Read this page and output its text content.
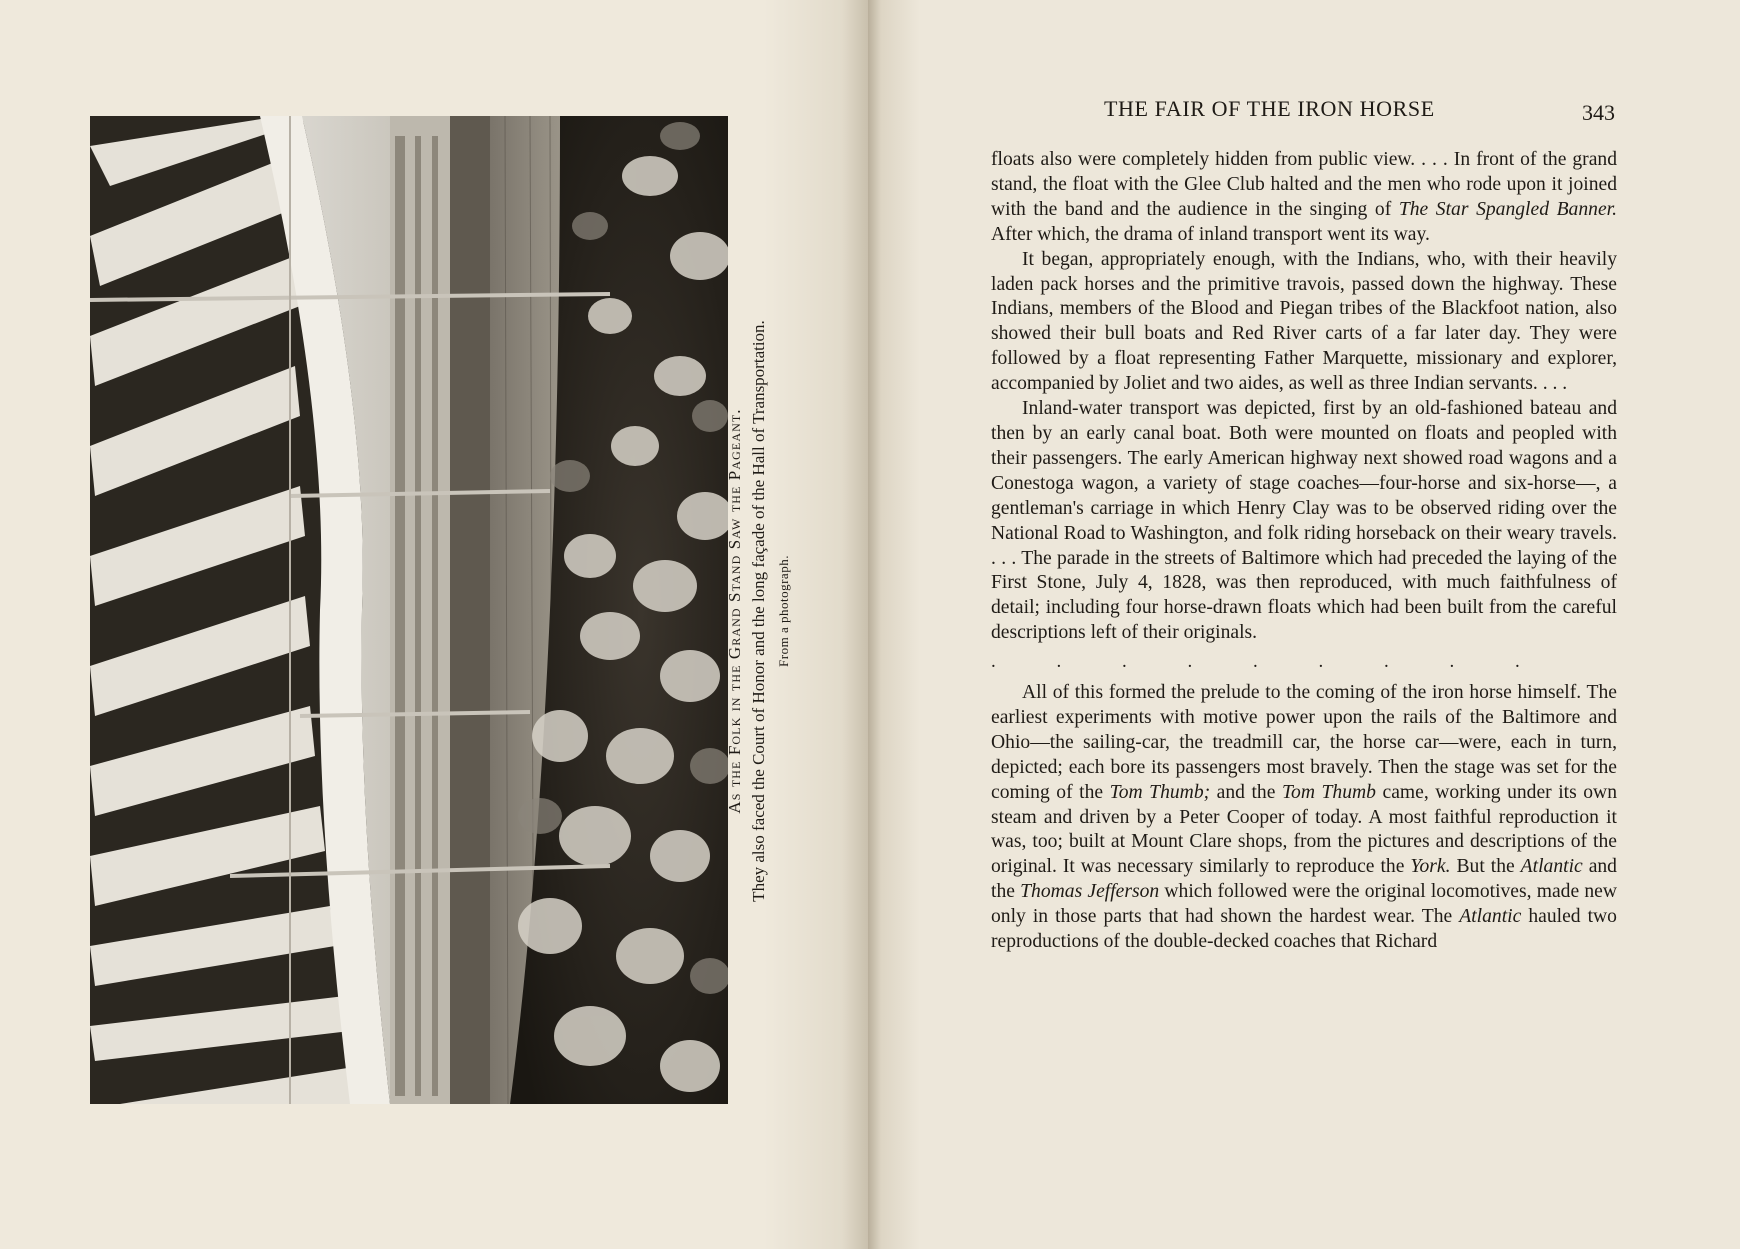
As the Folk in the Grand Stand Saw the Pageant. They also faced the Court of Honor and the long façade of the Hall of Transportation. From a photograph.
THE FAIR OF THE IRON HORSE	343

floats also were completely hidden from public view. . . . In front of the grand stand, the float with the Glee Club halted and the men who rode upon it joined with the band and the audience in the singing of The Star Spangled Banner. After which, the drama of inland transport went its way.

It began, appropriately enough, with the Indians, who, with their heavily laden pack horses and the primitive travois, passed down the highway. These Indians, members of the Blood and Piegan tribes of the Blackfoot nation, also showed their bull boats and Red River carts of a far later day. They were followed by a float representing Father Marquette, missionary and explorer, accompanied by Joliet and two aides, as well as three Indian servants. . . .

Inland-water transport was depicted, first by an old-fashioned bateau and then by an early canal boat. Both were mounted on floats and peopled with their passengers. The early American highway next showed road wagons and a Conestoga wagon, a variety of stage coaches—four-horse and six-horse—, a gentleman's carriage in which Henry Clay was to be observed riding over the National Road to Washington, and folk riding horseback on their weary travels. . . . The parade in the streets of Baltimore which had preceded the laying of the First Stone, July 4, 1828, was then reproduced, with much faithfulness of detail; including four horse-drawn floats which had been built from the careful descriptions left of their originals.

. . . . . . . . .

All of this formed the prelude to the coming of the iron horse himself. The earliest experiments with motive power upon the rails of the Baltimore and Ohio—the sailing-car, the treadmill car, the horse car—were, each in turn, depicted; each bore its passengers most bravely. Then the stage was set for the coming of the Tom Thumb; and the Tom Thumb came, working under its own steam and driven by a Peter Cooper of today. A most faithful reproduction it was, too; built at Mount Clare shops, from the pictures and descriptions of the original. It was necessary similarly to reproduce the York. But the Atlantic and the Thomas Jefferson which followed were the original locomotives, made new only in those parts that had shown the hardest wear. The Atlantic hauled two reproductions of the double-decked coaches that Richard
